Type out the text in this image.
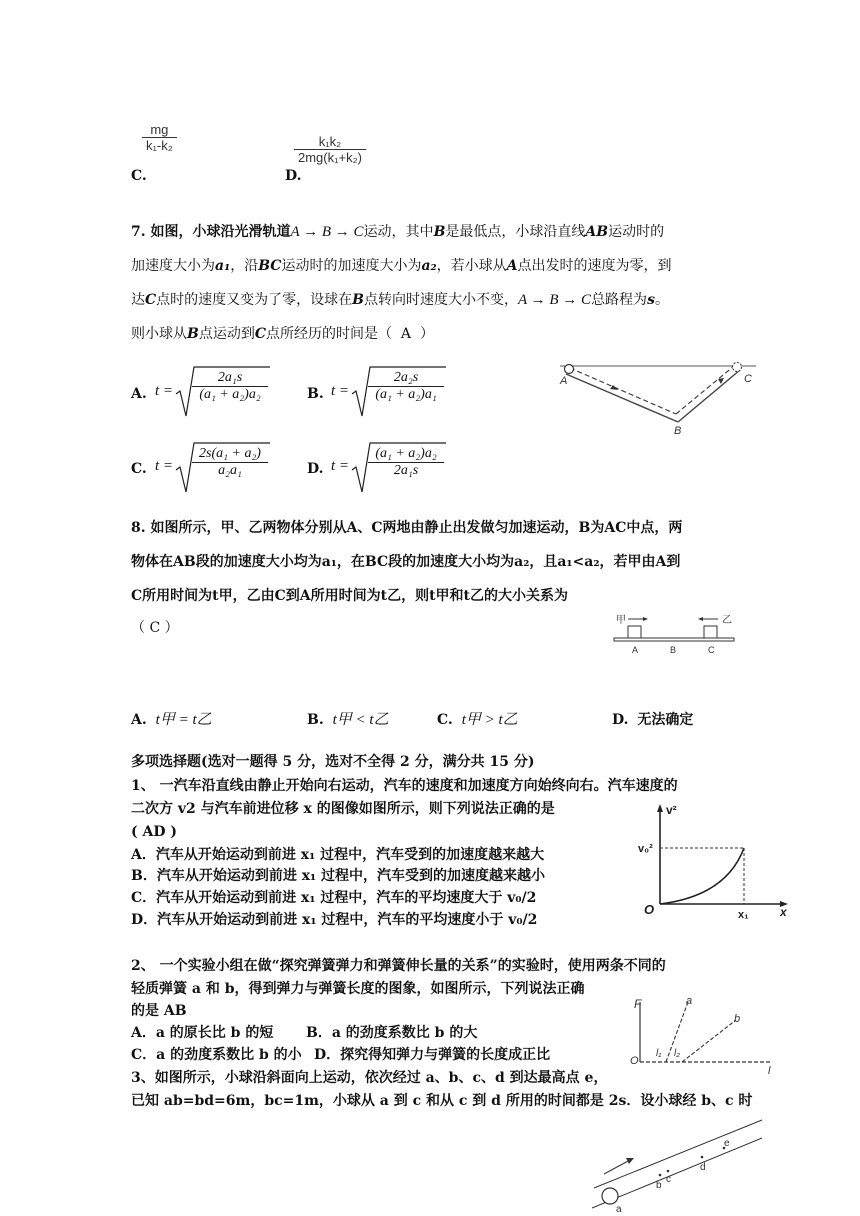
$\frac{mg}{\text{k₁-k₂}}$
C.
$\frac{\text{k₁k₂}}{\text{2mg(k₁+k₂)}}$
D.
7. 如图，小球沿光滑轨道A → B → C运动，其中B是最低点，小球沿直线AB运动时的
加速度大小为a₁，沿BC运动时的加速度大小为a₂，若小球从A点出发时的速度为零，到
达C点时的速度又变为了零，设球在B点转向时速度大小不变，A → B → C总路程为s。
则小球从B点运动到C点所经历的时间是（ A ）
A. $t = \frac{\text{2a₁s}}{\text{(a₁ + a₂)a₂}}$	B. $t = \frac{\text{2a₂s}}{\text{(a₁ + a₂)a₁}}$
C. $t = \frac{\text{2s(a₁ + a₂)}}{\text{a₂a₁}}$	D. $t = \frac{\text{(a₁ + a₂)a₂}}{\text{2a₁s}}$
A
B
C
8. 如图所示，甲、乙两物体分别从A、C两地由静止出发做匀加速运动，B为AC中点，两
物体在AB段的加速度大小均为a₁，在BC段的加速度大小均为a₂，且a₁<a₂，若甲由A到
C所用时间为t甲，乙由C到A所用时间为t乙，则t甲和t乙的大小关系为
（ C ）	甲	乙
A	B	C
A. t甲 = t乙	B. t甲 < t乙	C. t甲 > t乙	D. 无法确定
多项选择题(选对一题得 5 分，选对不全得 2 分，满分共 15 分)
1、 一汽车沿直线由静止开始向右运动，汽车的速度和加速度方向始终向右。汽车速度的
二次方 v2 与汽车前进位移 x 的图像如图所示，则下列说法正确的是
( AD )
A．汽车从开始运动到前进 x₁ 过程中，汽车受到的加速度越来越大
B．汽车从开始运动到前进 x₁ 过程中，汽车受到的加速度越来越小
C．汽车从开始运动到前进 x₁ 过程中，汽车的平均速度大于 v₀/2
D．汽车从开始运动到前进 x₁ 过程中，汽车的平均速度小于 v₀/2
v²
v₀²
O	x₁	x
2、 一个实验小组在做“探究弹簧弹力和弹簧伸长量的关系”的实验时，使用两条不同的
轻质弹簧 a 和 b，得到弹力与弹簧长度的图象，如图所示，下列说法正确
的是 AB
A．a 的原长比 b 的短 B．a 的劲度系数比 b 的大
C．a 的劲度系数比 b 的小 D．探究得知弹力与弹簧的长度成正比
F	a
b
O
l₁ l₂
l
3、如图所示，小球沿斜面向上运动，依次经过 a、b、c、d 到达最高点 e，
已知 ab=bd=6m，bc=1m，小球从 a 到 c 和从 c 到 d 所用的时间都是 2s．设小球经 b、c 时
a
b
c
d
e
